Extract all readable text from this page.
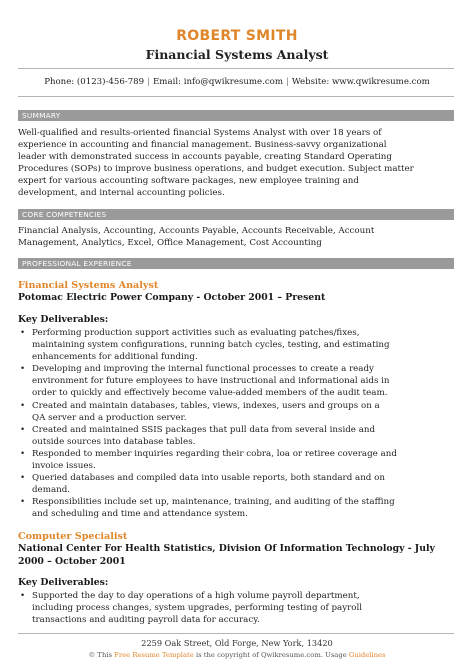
ROBERT SMITH
Financial Systems Analyst
Phone: (0123)-456-789 | Email: info@qwikresume.com | Website: www.qwikresume.com
SUMMARY
Well-qualified and results-oriented financial Systems Analyst with over 18 years of
experience in accounting and financial management. Business-savvy organizational
leader with demonstrated success in accounts payable, creating Standard Operating
Procedures (SOPs) to improve business operations, and budget execution. Subject matter
expert for various accounting software packages, new employee training and
development, and internal accounting policies.
CORE COMPETENCIES
Financial Analysis, Accounting, Accounts Payable, Accounts Receivable, Account
Management, Analytics, Excel, Office Management, Cost Accounting
PROFESSIONAL EXPERIENCE
Financial Systems Analyst
Potomac Electric Power Company - October 2001 – Present
Key Deliverables:
• Performing production support activities such as evaluating patches/fixes,
maintaining system configurations, running batch cycles, testing, and estimating
enhancements for additional funding.
• Developing and improving the internal functional processes to create a ready
environment for future employees to have instructional and informational aids in
order to quickly and effectively become value-added members of the audit team.
• Created and maintain databases, tables, views, indexes, users and groups on a
QA server and a production server.
• Created and maintained SSIS packages that pull data from several inside and
outside sources into database tables.
• Responded to member inquiries regarding their cobra, loa or retiree coverage and
invoice issues.
• Queried databases and compiled data into usable reports, both standard and on
demand.
• Responsibilities include set up, maintenance, training, and auditing of the staffing
and scheduling and time and attendance system.
Computer Specialist
National Center For Health Statistics, Division Of Information Technology - July
2000 – October 2001
Key Deliverables:
• Supported the day to day operations of a high volume payroll department,
including process changes, system upgrades, performing testing of payroll
transactions and auditing payroll data for accuracy.
2259 Oak Street, Old Forge, New York, 13420
© This Free Resume Template is the copyright of Qwikresume.com. Usage Guidelines
